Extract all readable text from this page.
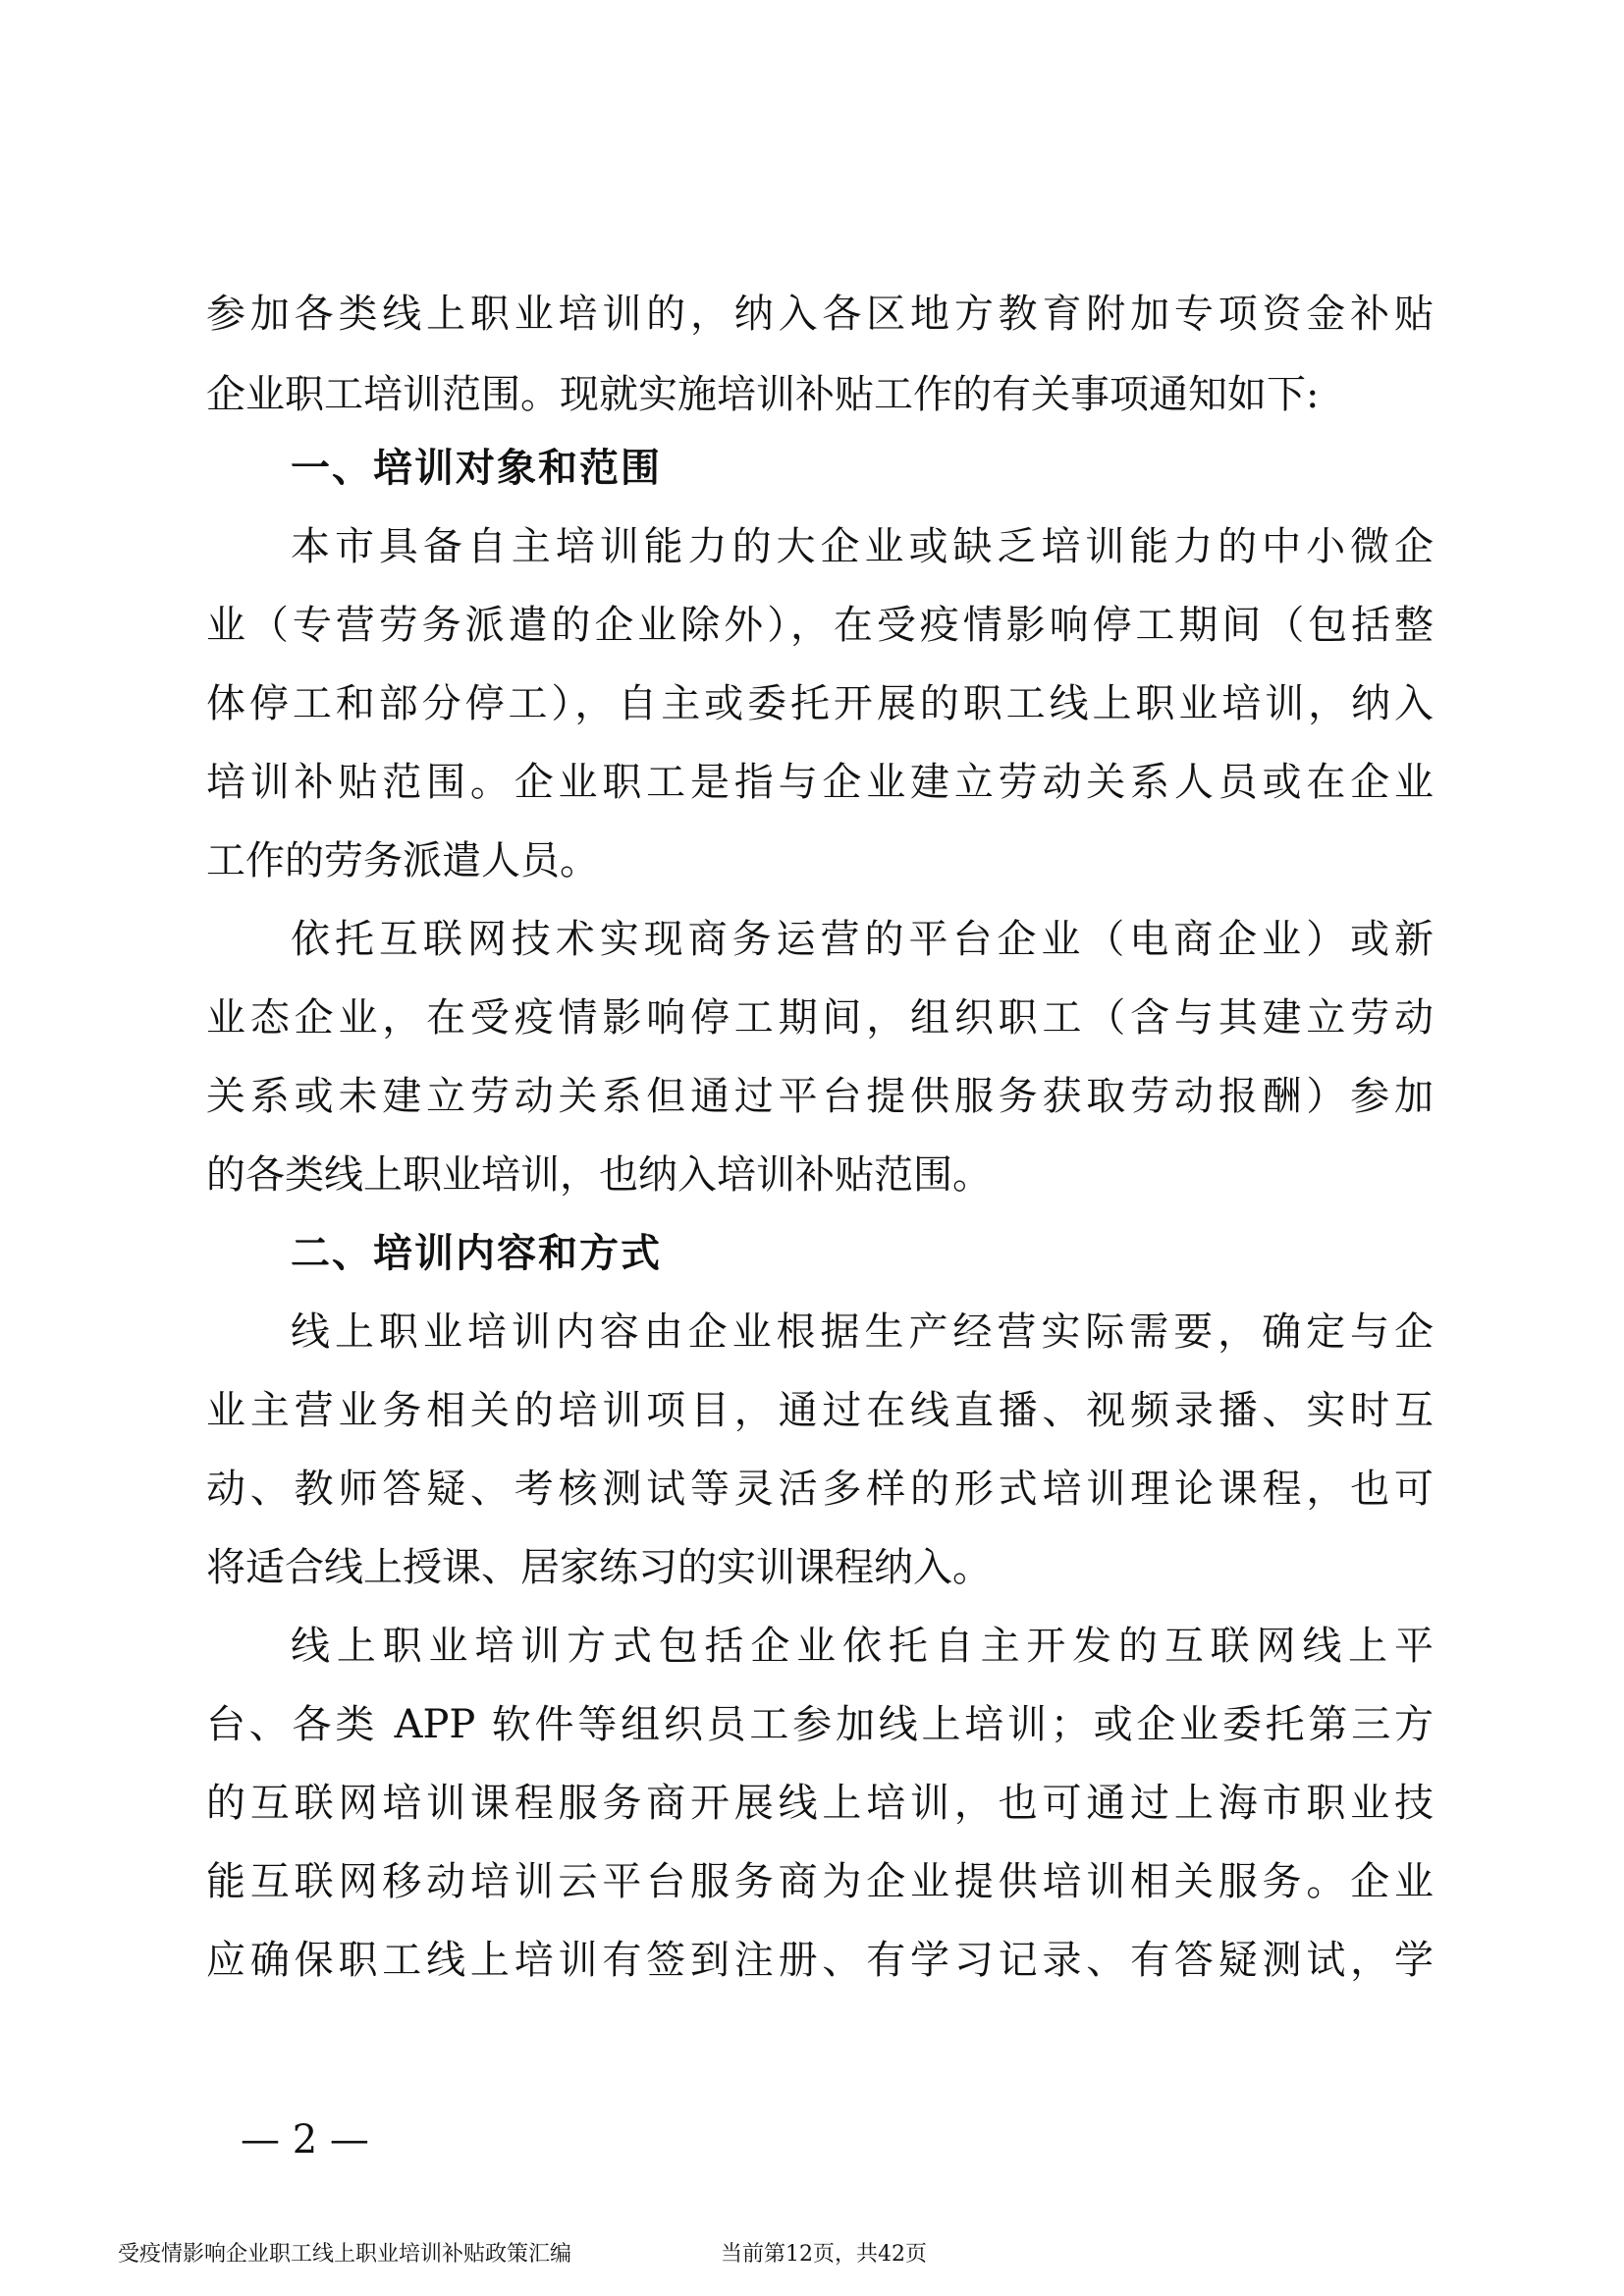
参加各类线上职业培训的，纳入各区地方教育附加专项资金补贴
企业职工培训范围。现就实施培训补贴工作的有关事项通知如下:
一、培训对象和范围
本市具备自主培训能力的大企业或缺乏培训能力的中小微企
业（专营劳务派遣的企业除外），在受疫情影响停工期间（包括整
体停工和部分停工），自主或委托开展的职工线上职业培训，纳入
培训补贴范围。企业职工是指与企业建立劳动关系人员或在企业
工作的劳务派遣人员。
依托互联网技术实现商务运营的平台企业（电商企业）或新
业态企业，在受疫情影响停工期间，组织职工（含与其建立劳动
关系或未建立劳动关系但通过平台提供服务获取劳动报酬）参加
的各类线上职业培训，也纳入培训补贴范围。
二、培训内容和方式
线上职业培训内容由企业根据生产经营实际需要，确定与企
业主营业务相关的培训项目，通过在线直播、视频录播、实时互
动、教师答疑、考核测试等灵活多样的形式培训理论课程，也可
将适合线上授课、居家练习的实训课程纳入。
线上职业培训方式包括企业依托自主开发的互联网线上平
台、各类 APP 软件等组织员工参加线上培训；或企业委托第三方
的互联网培训课程服务商开展线上培训，也可通过上海市职业技
能互联网移动培训云平台服务商为企业提供培训相关服务。企业
应确保职工线上培训有签到注册、有学习记录、有答疑测试，学
— 2 —
受疫情影响企业职工线上职业培训补贴政策汇编	当前第12页，共42页
